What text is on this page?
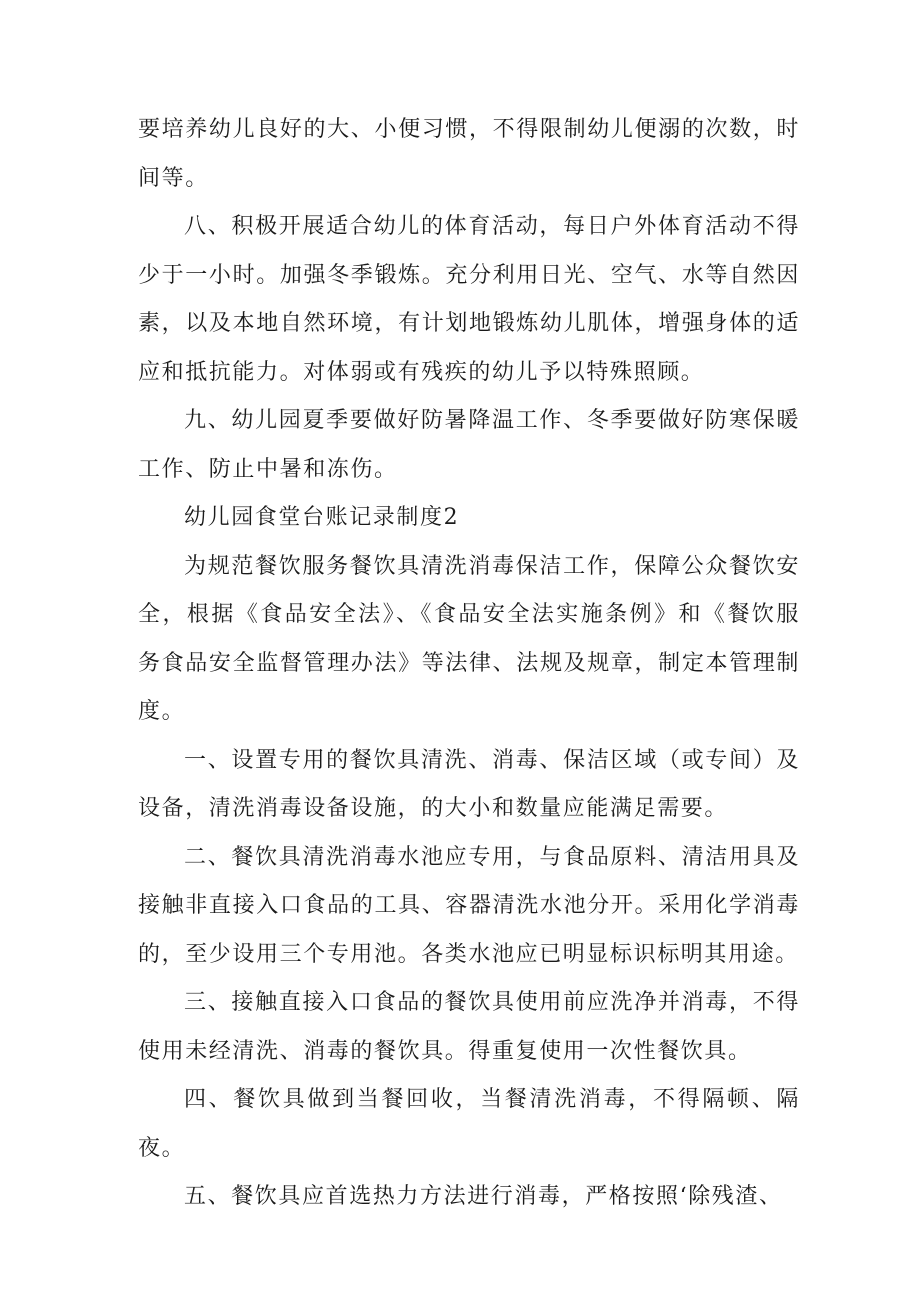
要培养幼儿良好的大、小便习惯，不得限制幼儿便溺的次数，时间等。

八、积极开展适合幼儿的体育活动，每日户外体育活动不得少于一小时。加强冬季锻炼。充分利用日光、空气、水等自然因素，以及本地自然环境，有计划地锻炼幼儿肌体，增强身体的适应和抵抗能力。对体弱或有残疾的幼儿予以特殊照顾。

九、幼儿园夏季要做好防暑降温工作、冬季要做好防寒保暖工作、防止中暑和冻伤。

幼儿园食堂台账记录制度2

为规范餐饮服务餐饮具清洗消毒保洁工作，保障公众餐饮安全，根据《食品安全法》、《食品安全法实施条例》和《餐饮服务食品安全监督管理办法》等法律、法规及规章，制定本管理制度。

一、设置专用的餐饮具清洗、消毒、保洁区域（或专间）及设备，清洗消毒设备设施，的大小和数量应能满足需要。

二、餐饮具清洗消毒水池应专用，与食品原料、清洁用具及接触非直接入口食品的工具、容器清洗水池分开。采用化学消毒的，至少设用三个专用池。各类水池应已明显标识标明其用途。

三、接触直接入口食品的餐饮具使用前应洗净并消毒，不得使用未经清洗、消毒的餐饮具。得重复使用一次性餐饮具。

四、餐饮具做到当餐回收，当餐清洗消毒，不得隔顿、隔夜。

五、餐饮具应首选热力方法进行消毒，严格按照‘除残渣、
